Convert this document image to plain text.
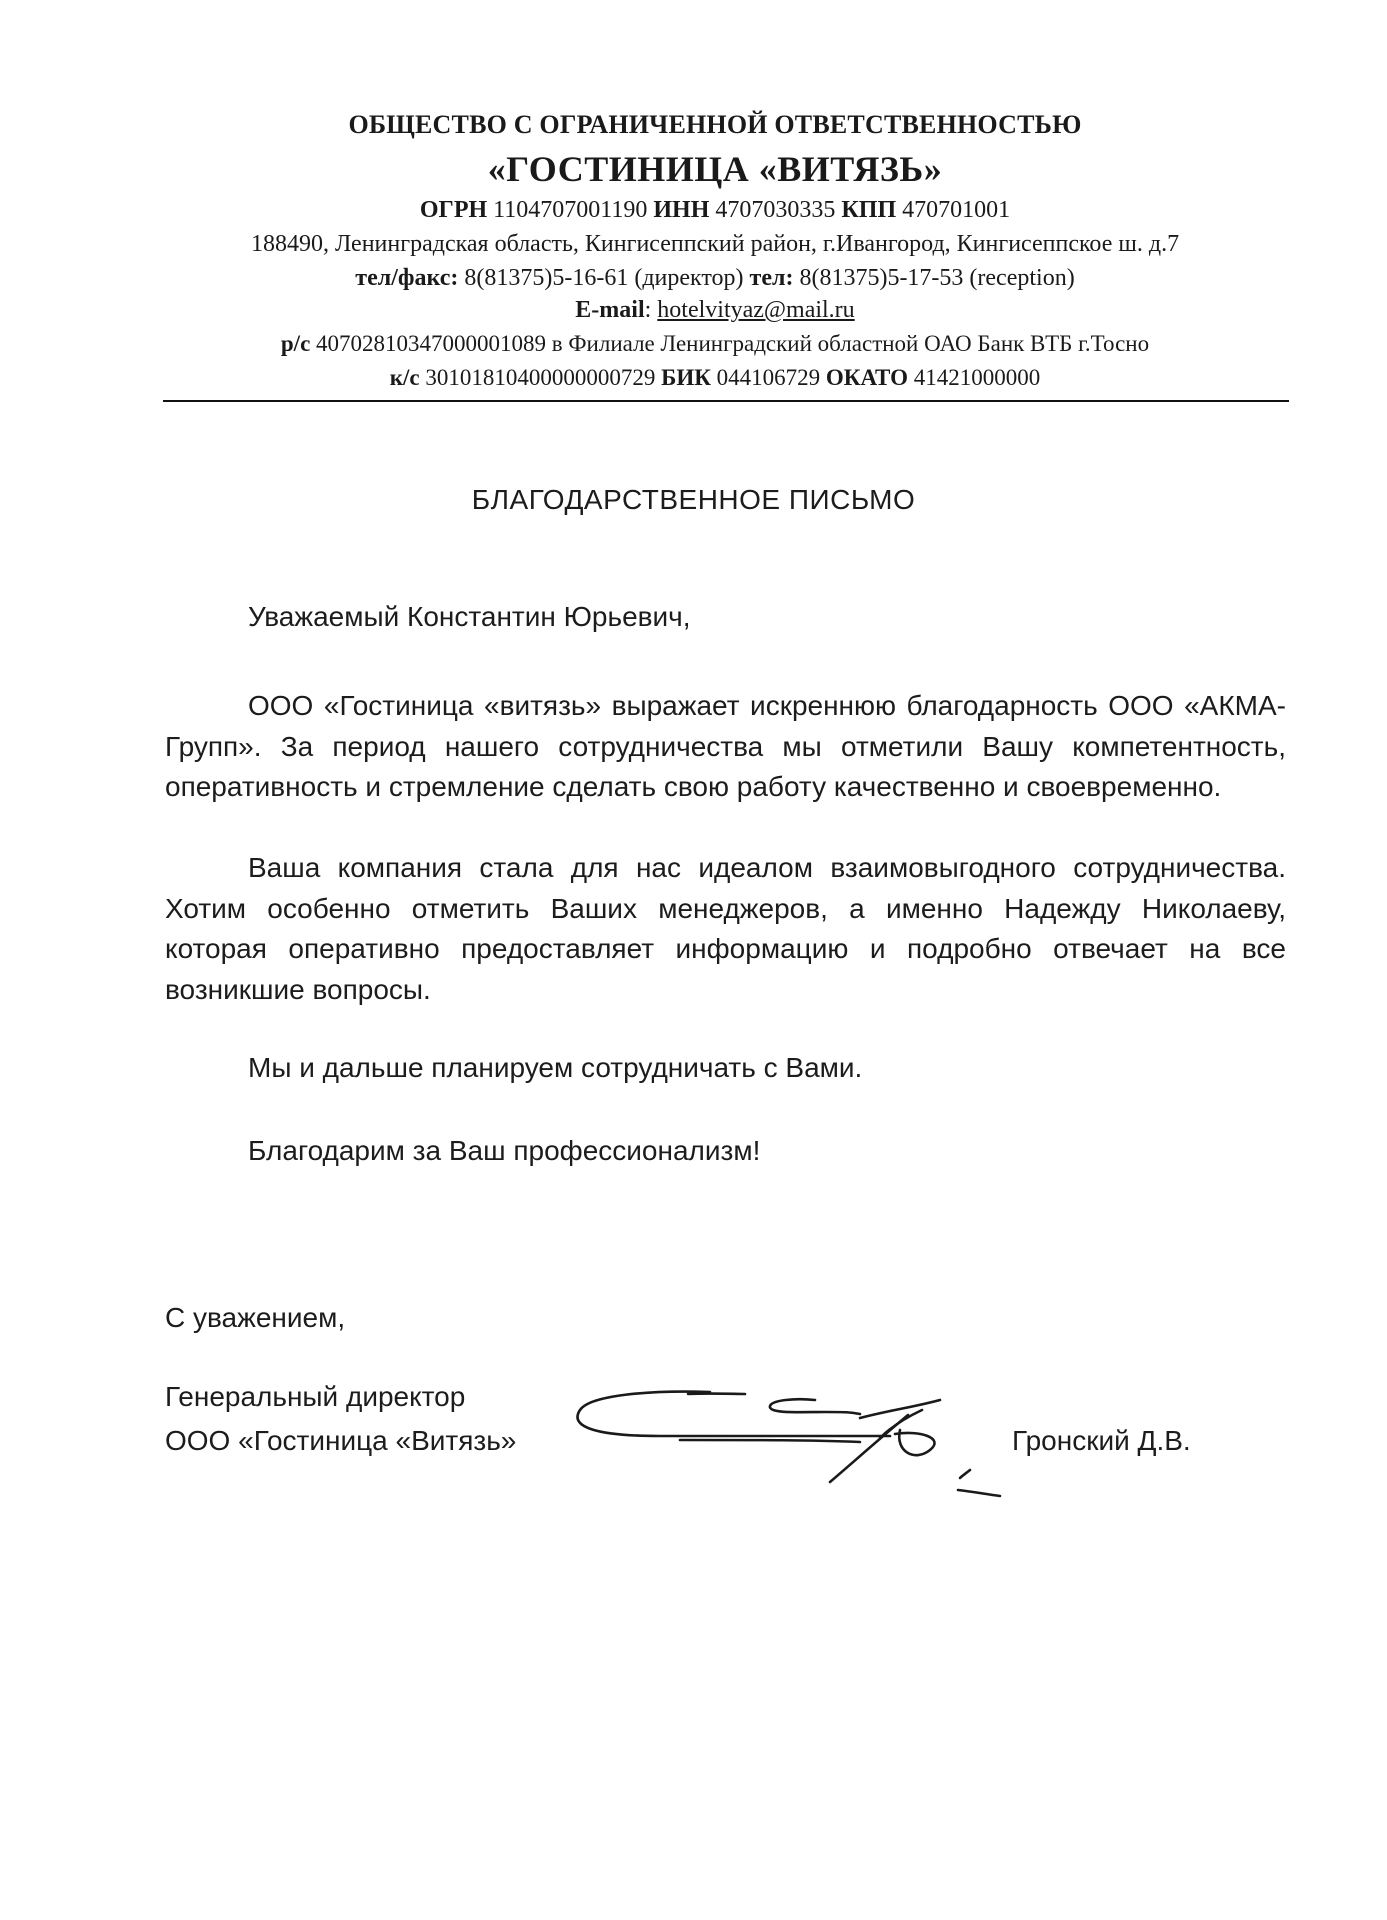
ОБЩЕСТВО С ОГРАНИЧЕННОЙ ОТВЕТСТВЕННОСТЬЮ
«ГОСТИНИЦА «ВИТЯЗЬ»
ОГРН 1104707001190 ИНН 4707030335 КПП 470701001
188490, Ленинградская область, Кингисеппский район, г.Ивангород, Кингисеппское ш. д.7
тел/факс: 8(81375)5-16-61 (директор) тел: 8(81375)5-17-53 (reception)
E-mail: hotelvityaz@mail.ru
р/с 40702810347000001089 в Филиале Ленинградский областной ОАО Банк ВТБ г.Тосно
к/с 30101810400000000729 БИК 044106729 ОКАТО 41421000000
БЛАГОДАРСТВЕННОЕ ПИСЬМО
Уважаемый Константин Юрьевич,

ООО «Гостиница «витязь» выражает искреннюю благодарность ООО «АКМА-Групп». За период нашего сотрудничества мы отметили Вашу компетентность, оперативность и стремление сделать свою работу качественно и своевременно.

Ваша компания стала для нас идеалом взаимовыгодного сотрудничества. Хотим особенно отметить Ваших менеджеров, а именно Надежду Николаеву, которая оперативно предоставляет информацию и подробно отвечает на все возникшие вопросы.

Мы и дальше планируем сотрудничать с Вами.
Благодарим за Ваш профессионализм!
С уважением,
Генеральный директор
ООО «Гостиница «Витязь»	Гронский Д.В.
